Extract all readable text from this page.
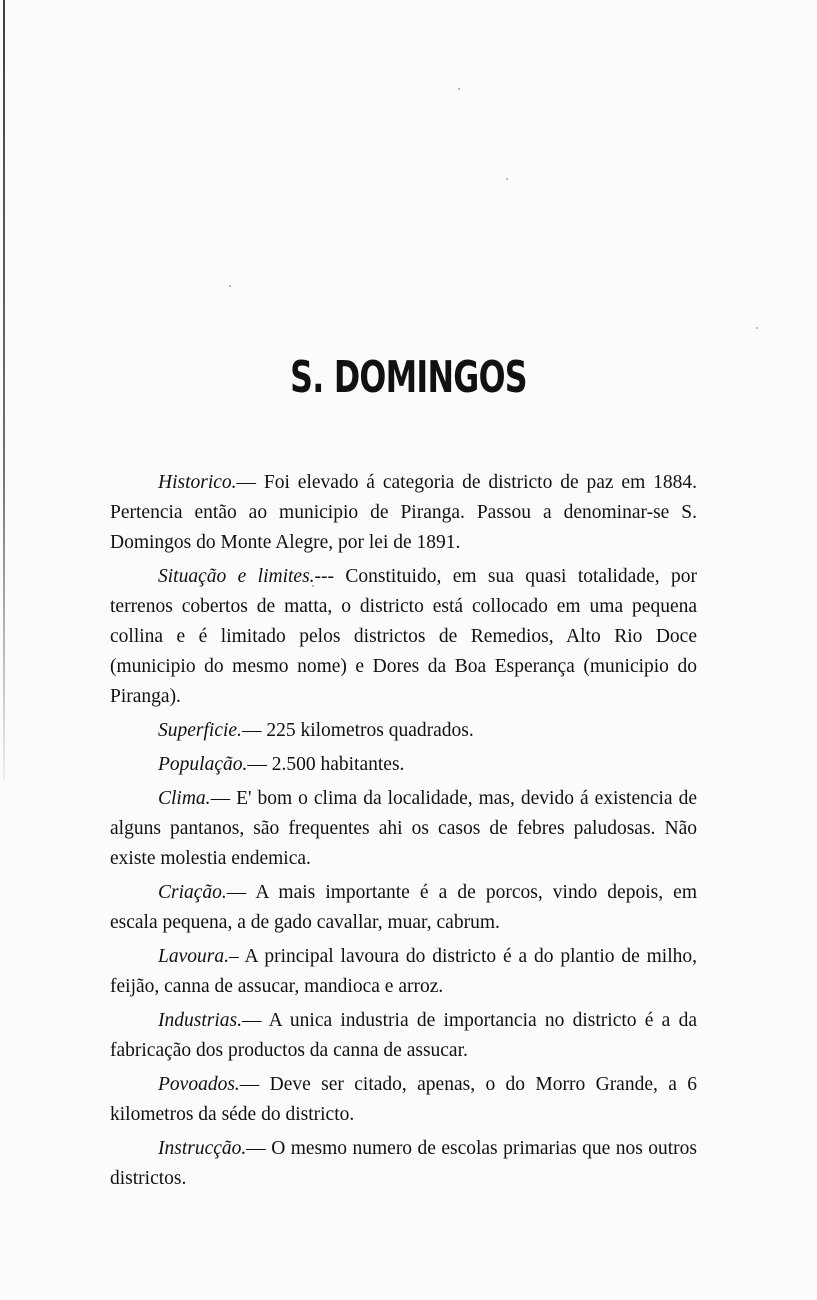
S. DOMINGOS

Historico.— Foi elevado á categoria de districto de paz em 1884. Pertencia então ao municipio de Piranga. Passou a denominar-se S. Domingos do Monte Alegre, por lei de 1891.

Situação e limites.--- Constituido, em sua quasi totalidade, por terrenos cobertos de matta, o districto está collocado em uma pequena collina e é limitado pelos districtos de Remedios, Alto Rio Doce (municipio do mesmo nome) e Dores da Boa Esperança (municipio do Piranga).

Superficie.— 225 kilometros quadrados.

População.— 2.500 habitantes.

Clima.— E' bom o clima da localidade, mas, devido á existencia de alguns pantanos, são frequentes ahi os casos de febres paludosas. Não existe molestia endemica.

Criação.— A mais importante é a de porcos, vindo depois, em escala pequena, a de gado cavallar, muar, cabrum.

Lavoura.– A principal lavoura do districto é a do plantio de milho, feijão, canna de assucar, mandioca e arroz.

Industrias.— A unica industria de importancia no districto é a da fabricação dos productos da canna de assucar.

Povoados.— Deve ser citado, apenas, o do Morro Grande, a 6 kilometros da séde do districto.

Instrucção.— O mesmo numero de escolas primarias que nos outros districtos.
